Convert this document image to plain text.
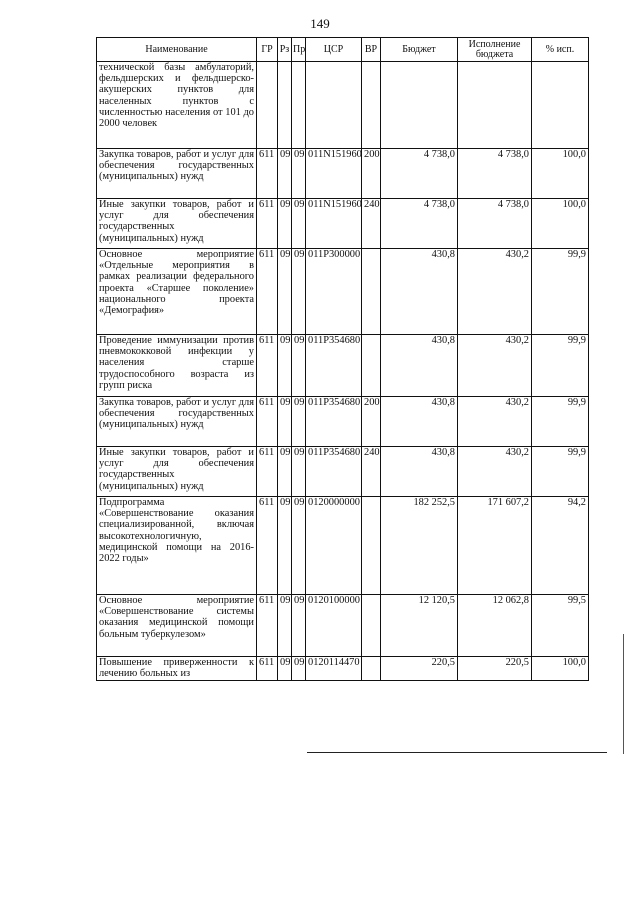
149
Наименование	ГР	Рз	Пр	ЦСР	ВР	Бюджет	Исполнение бюджета	% исп.
технической базы амбулаторий, фельдшерских и фельдшерско-акушерских пунктов для населенных пунктов с численностью населения от 101 до 2000 человек								
Закупка товаров, работ и услуг для обеспечения государственных (муниципальных) нужд	611	09	09	011N151960	200	4 738,0	4 738,0	100,0
Иные закупки товаров, работ и услуг для обеспечения государственных (муниципальных) нужд	611	09	09	011N151960	240	4 738,0	4 738,0	100,0
Основное мероприятие «Отдельные мероприятия в рамках реализации федерального проекта «Старшее поколение» национального проекта «Демография»	611	09	09	011P300000		430,8	430,2	99,9
Проведение иммунизации против пневмококковой инфекции у населения старше трудоспособного возраста из групп риска	611	09	09	011P354680		430,8	430,2	99,9
Закупка товаров, работ и услуг для обеспечения государственных (муниципальных) нужд	611	09	09	011P354680	200	430,8	430,2	99,9
Иные закупки товаров, работ и услуг для обеспечения государственных (муниципальных) нужд	611	09	09	011P354680	240	430,8	430,2	99,9
Подпрограмма «Совершенствование оказания специализированной, включая высокотехнологичную, медицинской помощи на 2016-2022 годы»	611	09	09	0120000000		182 252,5	171 607,2	94,2
Основное мероприятие «Совершенствование системы оказания медицинской помощи больным туберкулезом»	611	09	09	0120100000		12 120,5	12 062,8	99,5
Повышение приверженности к лечению больных из	611	09	09	0120114470		220,5	220,5	100,0
